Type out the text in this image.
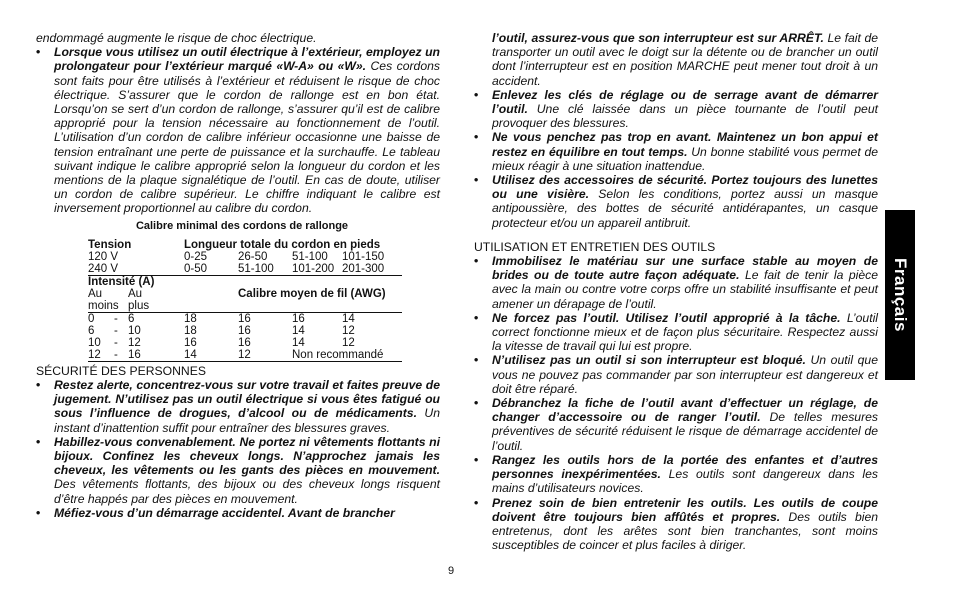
endommagé augmente le risque de choc électrique.

• Lorsque vous utilisez un outil électrique à l’extérieur, employez un prolongateur pour l’extérieur marqué «W-A» ou «W». Ces cordons sont faits pour être utilisés à l’extérieur et réduisent le risque de choc électrique. S’assurer que le cordon de rallonge est en bon état. Lorsqu’on se sert d’un cordon de rallonge, s’assurer qu’il est de calibre approprié pour la tension nécessaire au fonctionnement de l’outil. L’utilisation d’un cordon de calibre inférieur occasionne une baisse de tension entraînant une perte de puissance et la surchauffe. Le tableau suivant indique le calibre approprié selon la longueur du cordon et les mentions de la plaque signalétique de l’outil. En cas de doute, utiliser un cordon de calibre supérieur. Le chiffre indiquant le calibre est inversement proportionnel au calibre du cordon.
Calibre minimal des cordons de rallonge
Tension			Longueur totale du cordon en pieds			
120 V			0-25	26-50	51-100	101-150
240 V			0-50	51-100	101-200	201-300
Intensité (A)						
Au		Au		Calibre moyen de fil (AWG)		
moins		plus				
0	-	6	18	16	16	14
6	-	10	18	16	14	12
10	-	12	16	16	14	12
12	-	16	14	12	Non recommandé	

SÉCURITÉ DES PERSONNES

• Restez alerte, concentrez-vous sur votre travail et faites preuve de jugement. N’utilisez pas un outil électrique si vous êtes fatigué ou sous l’influence de drogues, d’alcool ou de médicaments. Un instant d’inattention suffit pour entraîner des blessures graves.
• Habillez-vous convenablement. Ne portez ni vêtements flottants ni bijoux. Confinez les cheveux longs. N’approchez jamais les cheveux, les vêtements ou les gants des pièces en mouvement. Des vêtements flottants, des bijoux ou des cheveux longs risquent d’être happés par des pièces en mouvement.
• Méfiez-vous d’un démarrage accidentel. Avant de brancher
l’outil, assurez-vous que son interrupteur est sur ARRÊT. Le fait de transporter un outil avec le doigt sur la détente ou de brancher un outil dont l’interrupteur est en position MARCHE peut mener tout droit à un accident.
• Enlevez les clés de réglage ou de serrage avant de démarrer l’outil. Une clé laissée dans un pièce tournante de l’outil peut provoquer des blessures.
• Ne vous penchez pas trop en avant. Maintenez un bon appui et restez en équilibre en tout temps. Un bonne stabilité vous permet de mieux réagir à une situation inattendue.
• Utilisez des accessoires de sécurité. Portez toujours des lunettes ou une visière. Selon les conditions, portez aussi un masque antipoussière, des bottes de sécurité antidérapantes, un casque protecteur et/ou un appareil antibruit.

UTILISATION ET ENTRETIEN DES OUTILS

• Immobilisez le matériau sur une surface stable au moyen de brides ou de toute autre façon adéquate. Le fait de tenir la pièce avec la main ou contre votre corps offre un stabilité insuffisante et peut amener un dérapage de l’outil.
• Ne forcez pas l’outil. Utilisez l’outil approprié à la tâche. L’outil correct fonctionne mieux et de façon plus sécuritaire. Respectez aussi la vitesse de travail qui lui est propre.
• N’utilisez pas un outil si son interrupteur est bloqué. Un outil que vous ne pouvez pas commander par son interrupteur est dangereux et doit être réparé.
• Débranchez la fiche de l’outil avant d’effectuer un réglage, de changer d’accessoire ou de ranger l’outil. De telles mesures préventives de sécurité réduisent le risque de démarrage accidentel de l’outil.
• Rangez les outils hors de la portée des enfantes et d’autres personnes inexpérimentées. Les outils sont dangereux dans les mains d’utilisateurs novices.
• Prenez soin de bien entretenir les outils. Les outils de coupe doivent être toujours bien affûtés et propres. Des outils bien entretenus, dont les arêtes sont bien tranchantes, sont moins susceptibles de coincer et plus faciles à diriger.
Français
9
